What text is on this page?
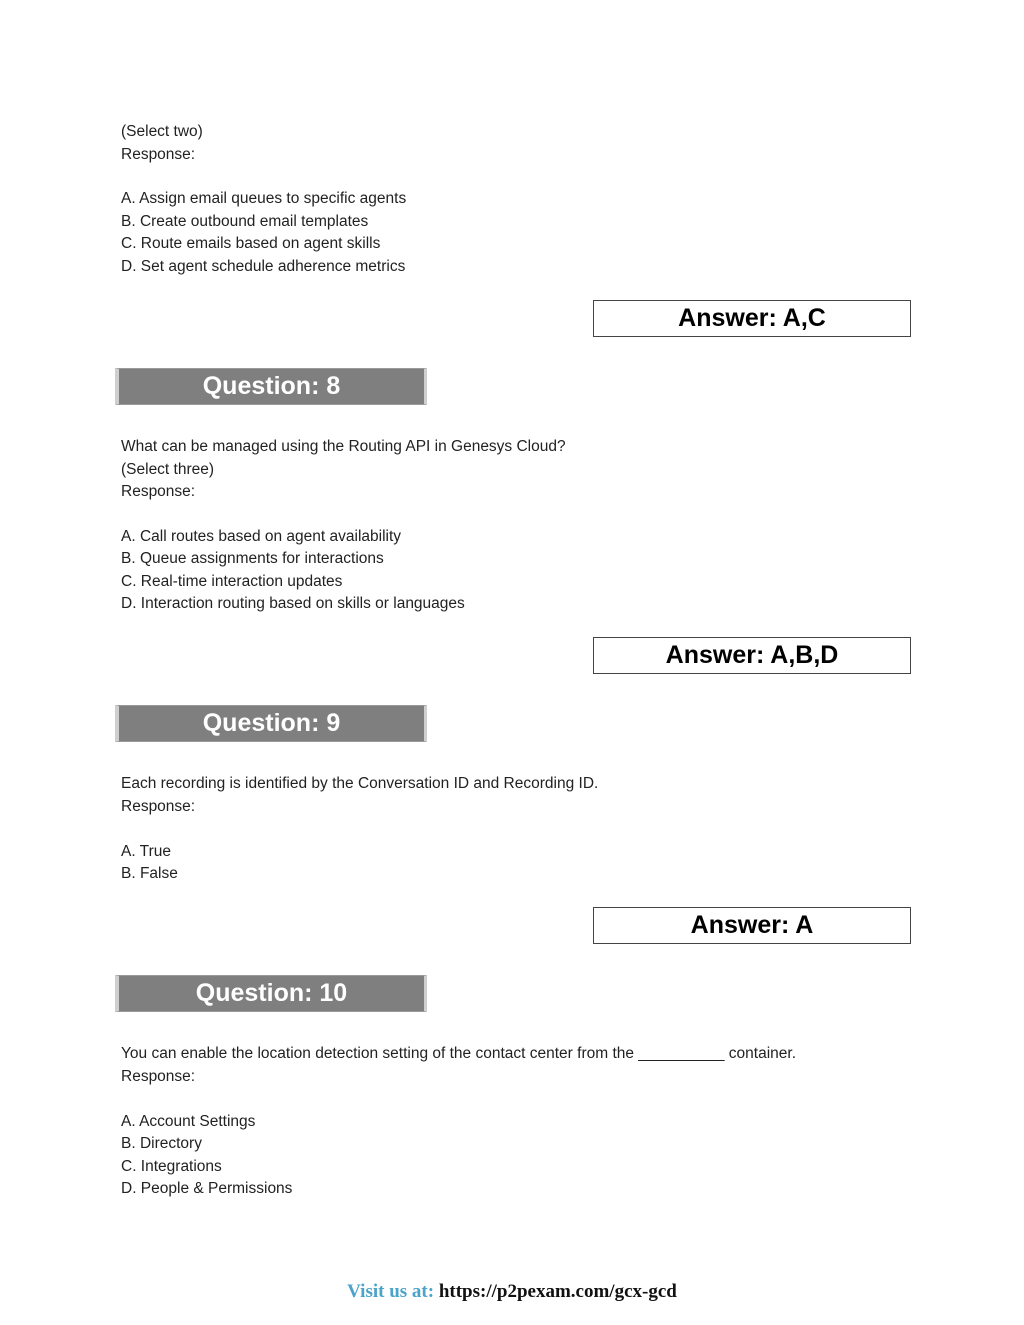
(Select two)
Response:
A. Assign email queues to specific agents
B. Create outbound email templates
C. Route emails based on agent skills
D. Set agent schedule adherence metrics
Answer: A,C
Question: 8
What can be managed using the Routing API in Genesys Cloud?
(Select three)
Response:
A. Call routes based on agent availability
B. Queue assignments for interactions
C. Real-time interaction updates
D. Interaction routing based on skills or languages
Answer: A,B,D
Question: 9
Each recording is identified by the Conversation ID and Recording ID.
Response:
A. True
B. False
Answer: A
Question: 10
You can enable the location detection setting of the contact center from the __________ container.
Response:
A. Account Settings
B. Directory
C. Integrations
D. People & Permissions
Visit us at: https://p2pexam.com/gcx-gcd
